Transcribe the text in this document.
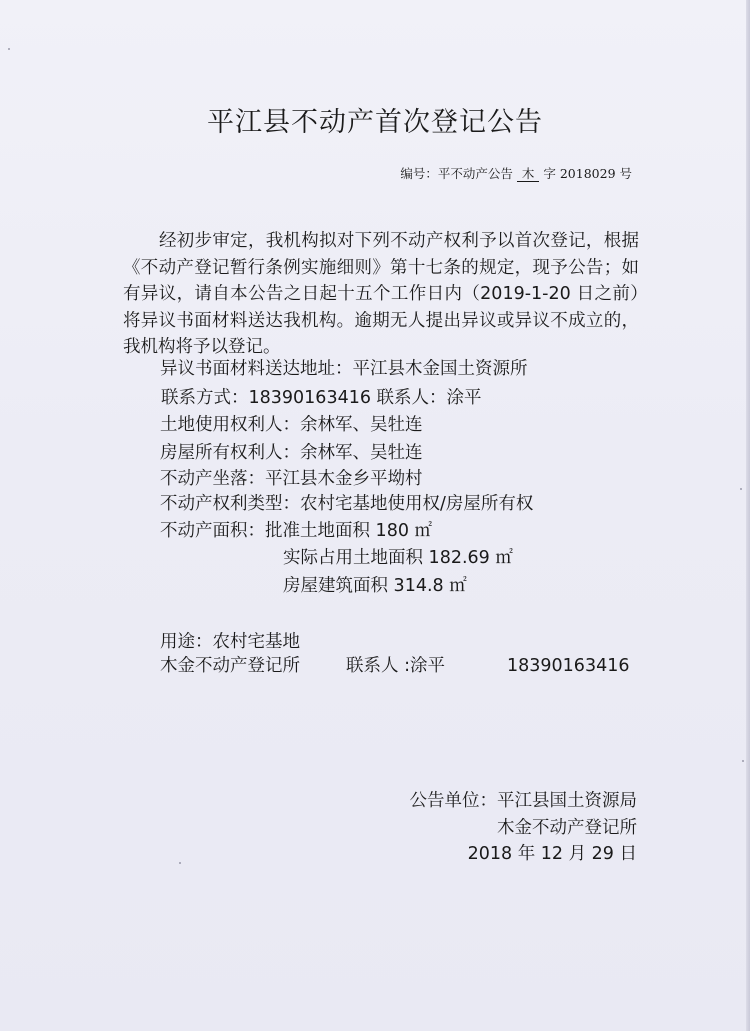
平江县不动产首次登记公告
编号：平不动产公告 木 字 2018029 号

经初步审定，我机构拟对下列不动产权利予以首次登记，根据《不动产登记暂行条例实施细则》第十七条的规定，现予公告；如有异议，请自本公告之日起十五个工作日内（2019-1-20 日之前）将异议书面材料送达我机构。逾期无人提出异议或异议不成立的，我机构将予以登记。

异议书面材料送达地址：平江县木金国土资源所
联系方式：18390163416 联系人：涂平
土地使用权利人：余林军、吴牡连
房屋所有权利人：余林军、吴牡连
不动产坐落：平江县木金乡平坳村
不动产权利类型：农村宅基地使用权/房屋所有权
不动产面积：批准土地面积 180 ㎡
实际占用土地面积 182.69 ㎡
房屋建筑面积 314.8 ㎡
用途：农村宅基地
木金不动产登记所	联系人 :涂平	18390163416
公告单位：平江县国土资源局
木金不动产登记所
2018 年 12 月 29 日
